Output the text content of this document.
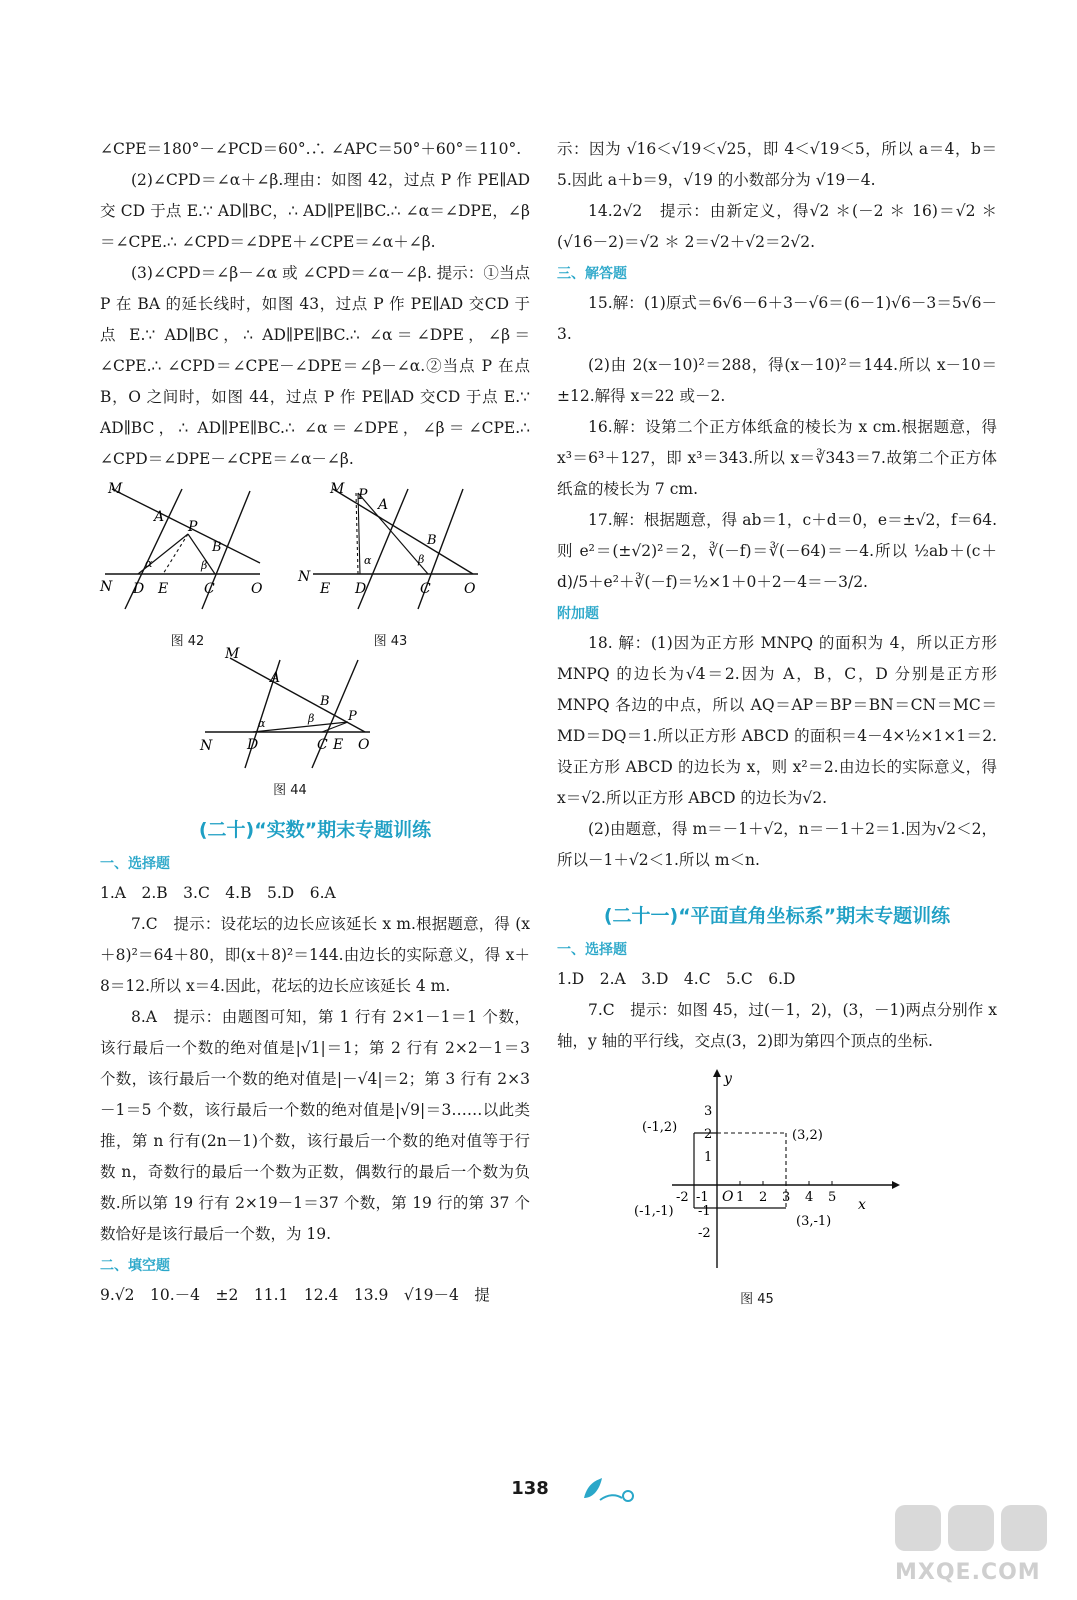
∠CPE＝180°－∠PCD＝60°.∴ ∠APC＝50°＋60°＝110°.

(2)∠CPD＝∠α＋∠β.理由：如图 42，过点 P 作 PE∥AD 交 CD 于点 E.∵ AD∥BC，∴ AD∥PE∥BC.∴ ∠α＝∠DPE，∠β＝∠CPE.∴ ∠CPD＝∠DPE＋∠CPE＝∠α＋∠β.

(3)∠CPD＝∠β－∠α 或 ∠CPD＝∠α－∠β. 提示：①当点 P 在 BA 的延长线时，如图 43，过点 P 作 PE∥AD 交CD 于点 E.∵ AD∥BC，∴ AD∥PE∥BC.∴ ∠α＝∠DPE，∠β＝∠CPE.∴ ∠CPD＝∠CPE－∠DPE＝∠β－∠α.②当点 P 在点 B，O 之间时，如图 44，过点 P 作 PE∥AD 交CD 于点 E.∵ AD∥BC，∴ AD∥PE∥BC.∴ ∠α＝∠DPE，∠β＝∠CPE.∴ ∠CPD＝∠DPE－∠CPE＝∠α－∠β.

M
N
A
P
B
α	β
D E	C	O
图 42
M
N
P
A
B
α	β
E D	C O
图 43
M
N
A
B
P
β
α
D	C E O
图 44

(二十)“实数”期末专题训练

一、选择题

1.A　2.B　3.C　4.B　5.D　6.A

7.C　提示：设花坛的边长应该延长 x m.根据题意，得 (x＋8)²＝64＋80，即(x＋8)²＝144.由边长的实际意义，得 x＋8＝12.所以 x＝4.因此，花坛的边长应该延长 4 m.

8.A　提示：由题图可知，第 1 行有 2×1－1＝1 个数，该行最后一个数的绝对值是|√1|＝1；第 2 行有 2×2－1＝3 个数，该行最后一个数的绝对值是|－√4|＝2；第 3 行有 2×3－1＝5 个数，该行最后一个数的绝对值是|√9|＝3……以此类推，第 n 行有(2n－1)个数，该行最后一个数的绝对值等于行数 n，奇数行的最后一个数为正数，偶数行的最后一个数为负数.所以第 19 行有 2×19－1＝37 个数，第 19 行的第 37 个数恰好是该行最后一个数，为 19.

二、填空题

9.√2　10.－4　±2　11.1　12.4　13.9　√19－4　提

示：因为 √16＜√19＜√25，即 4＜√19＜5，所以 a＝4，b＝5.因此 a＋b＝9，√19 的小数部分为 √19－4.

14.2√2　提示：由新定义，得√2 ＊(－2 ＊ 16)＝√2 ＊ (√16－2)＝√2 ＊ 2＝√2＋√2＝2√2.

三、解答题

15.解：(1)原式＝6√6－6＋3－√6＝(6－1)√6－3＝5√6－3.

(2)由 2(x－10)²＝288，得(x－10)²＝144.所以 x－10＝±12.解得 x＝22 或－2.

16.解：设第二个正方体纸盒的棱长为 x cm.根据题意，得 x³＝6³＋127，即 x³＝343.所以 x＝∛343＝7.故第二个正方体纸盒的棱长为 7 cm.

17.解：根据题意，得 ab＝1，c＋d＝0，e＝±√2，f＝64.则 e²＝(±√2)²＝2，∛(－f)＝∛(－64)＝－4.所以 ½ab＋(c＋d)/5＋e²＋∛(－f)＝½×1＋0＋2－4＝－3/2.

附加题

18. 解：(1)因为正方形 MNPQ 的面积为 4，所以正方形 MNPQ 的边长为√4＝2.因为 A，B，C，D 分别是正方形 MNPQ 各边的中点，所以 AQ＝AP＝BP＝BN＝CN＝MC＝MD＝DQ＝1.所以正方形 ABCD 的面积＝4－4×½×1×1＝2.设正方形 ABCD 的边长为 x，则 x²＝2.由边长的实际意义，得 x＝√2.所以正方形 ABCD 的边长为√2.

(2)由题意，得 m＝－1＋√2，n＝－1＋2＝1.因为√2＜2，所以－1＋√2＜1.所以 m＜n.

(二十一)“平面直角坐标系”期末专题训练

一、选择题

1.D　2.A　3.D　4.C　5.C　6.D

7.C　提示：如图 45，过(－1，2)，(3，－1)两点分别作 x 轴，y 轴的平行线，交点(3，2)即为第四个顶点的坐标.

-2 -1 O 1 2 3 4 5 x
y
3
2
1
-1
-2
(-1,2)
(3,2)
(-1,-1)
(3,-1)
图 45
138
MXQE.COM
